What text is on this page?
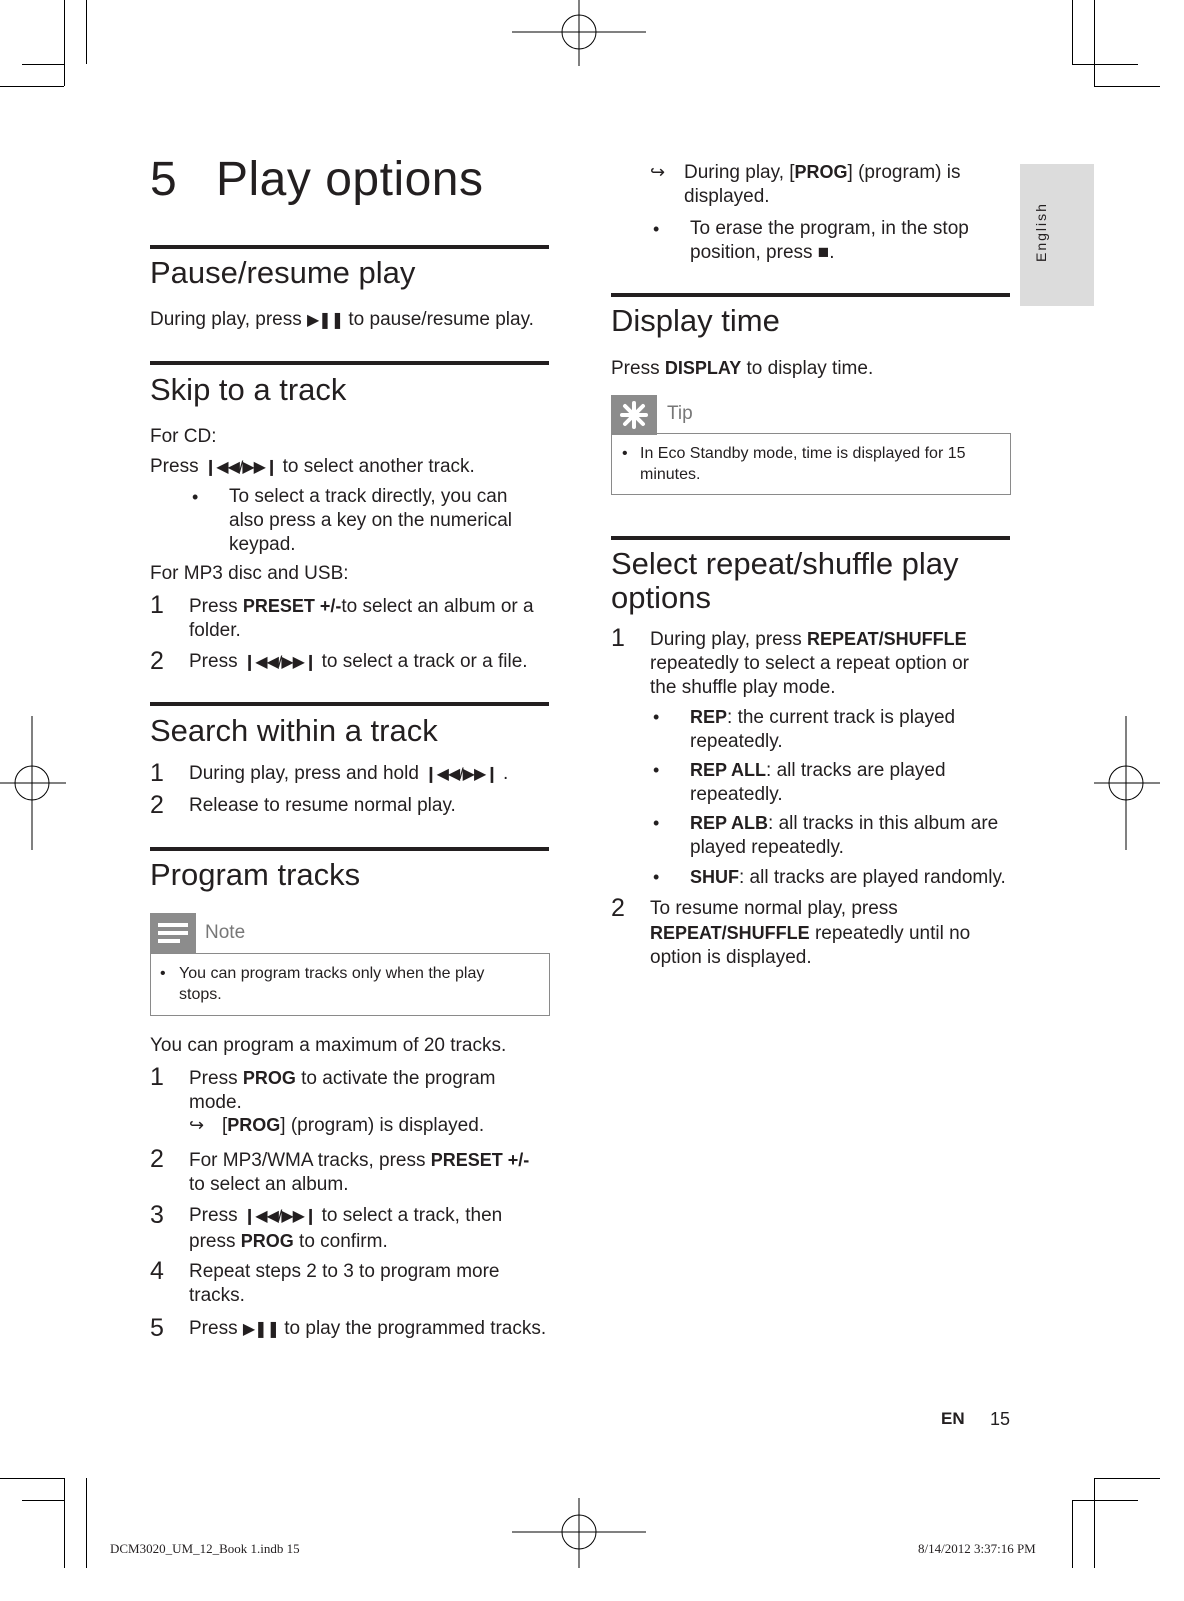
English
5 Play options
Pause/resume play

During play, press ▶❚❚ to pause/resume play.

Skip to a track

For CD:

Press ❙◀◀/▶▶❙ to select another track.

• To select a track directly, you can also press a key on the numerical keypad.

For MP3 disc and USB:

1 Press PRESET +/-to select an album or a folder.

2 Press ❙◀◀/▶▶❙ to select a track or a file.

Search within a track
1 During play, press and hold ❙◀◀/▶▶❙ .

2 Release to resume normal play.

Program tracks
Note
• You can program tracks only when the play stops.

You can program a maximum of 20 tracks.

1 Press PROG to activate the program mode.

↪ [PROG] (program) is displayed.

2 For MP3/WMA tracks, press PRESET +/- to select an album.

3 Press ❙◀◀/▶▶❙ to select a track, then press PROG to confirm.

4 Repeat steps 2 to 3 to program more tracks.

5 Press ▶❚❚ to play the programmed tracks.

↪ During play, [PROG] (program) is displayed.

• To erase the program, in the stop position, press ■.

Display time

Press DISPLAY to display time.

Tip
• In Eco Standby mode, time is displayed for 15 minutes.

Select repeat/shuffle play options
1 During play, press REPEAT/SHUFFLE repeatedly to select a repeat option or the shuffle play mode.

• REP: the current track is played repeatedly.

• REP ALL: all tracks are played repeatedly.

• REP ALB: all tracks in this album are played repeatedly.

• SHUF: all tracks are played randomly.

2 To resume normal play, press REPEAT/SHUFFLE repeatedly until no option is displayed.

EN 15
DCM3020_UM_12_Book 1.indb 15	8/14/2012 3:37:16 PM
